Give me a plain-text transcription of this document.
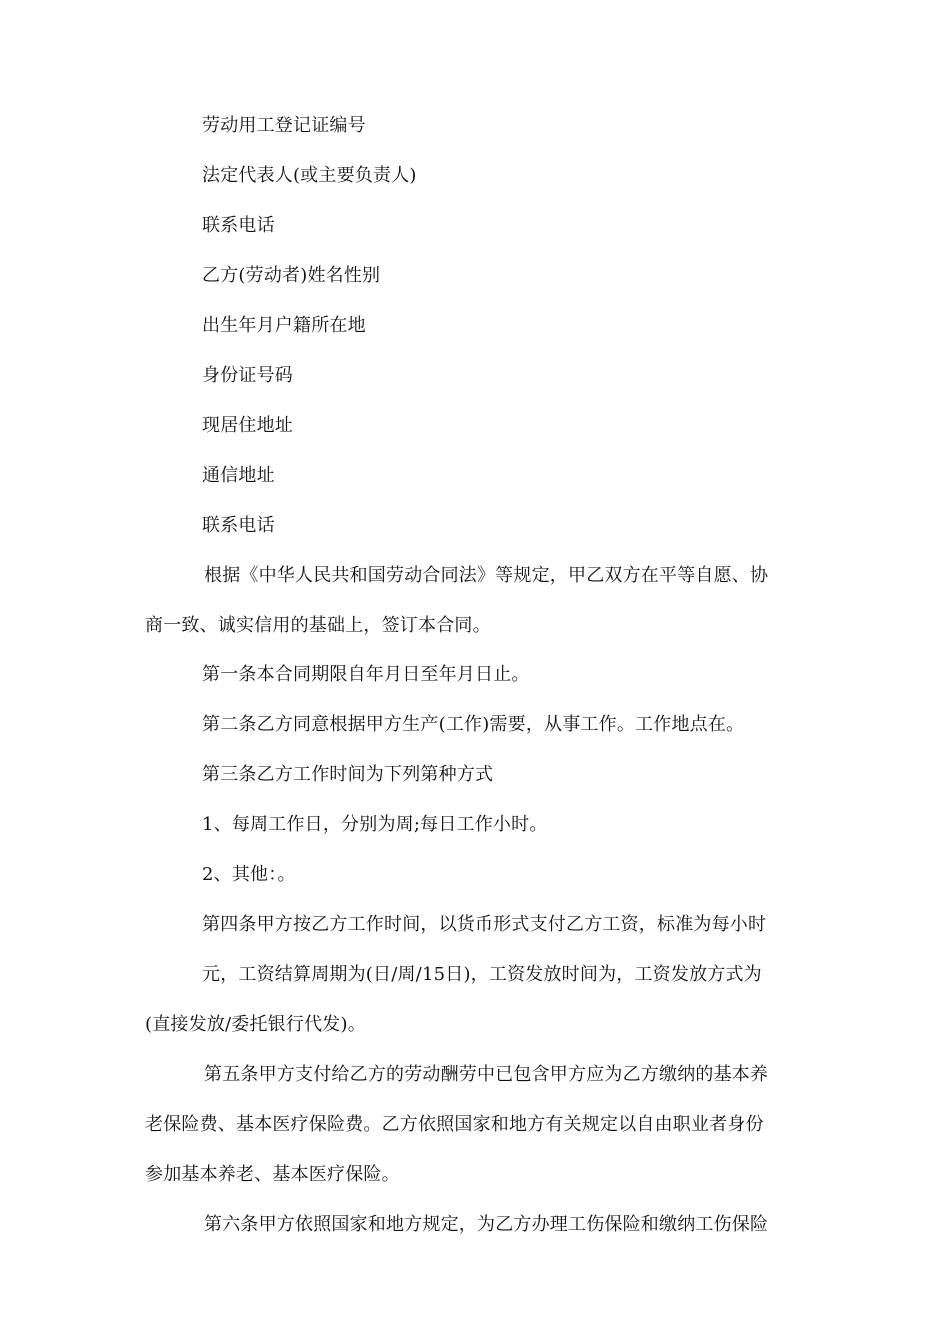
劳动用工登记证编号
法定代表人(或主要负责人)
联系电话
乙方(劳动者)姓名性别
出生年月户籍所在地
身份证号码
现居住地址
通信地址
联系电话
根据《中华人民共和国劳动合同法》等规定，甲乙双方在平等自愿、协
商一致、诚实信用的基础上，签订本合同。
第一条本合同期限自年月日至年月日止。
第二条乙方同意根据甲方生产(工作)需要，从事工作。工作地点在。
第三条乙方工作时间为下列第种方式
1、每周工作日，分别为周;每日工作小时。
2、其他：。
第四条甲方按乙方工作时间，以货币形式支付乙方工资，标准为每小时
元，工资结算周期为(日/周/15日)，工资发放时间为，工资发放方式为
(直接发放/委托银行代发)。
第五条甲方支付给乙方的劳动酬劳中已包含甲方应为乙方缴纳的基本养
老保险费、基本医疗保险费。乙方依照国家和地方有关规定以自由职业者身份
参加基本养老、基本医疗保险。
第六条甲方依照国家和地方规定，为乙方办理工伤保险和缴纳工伤保险
